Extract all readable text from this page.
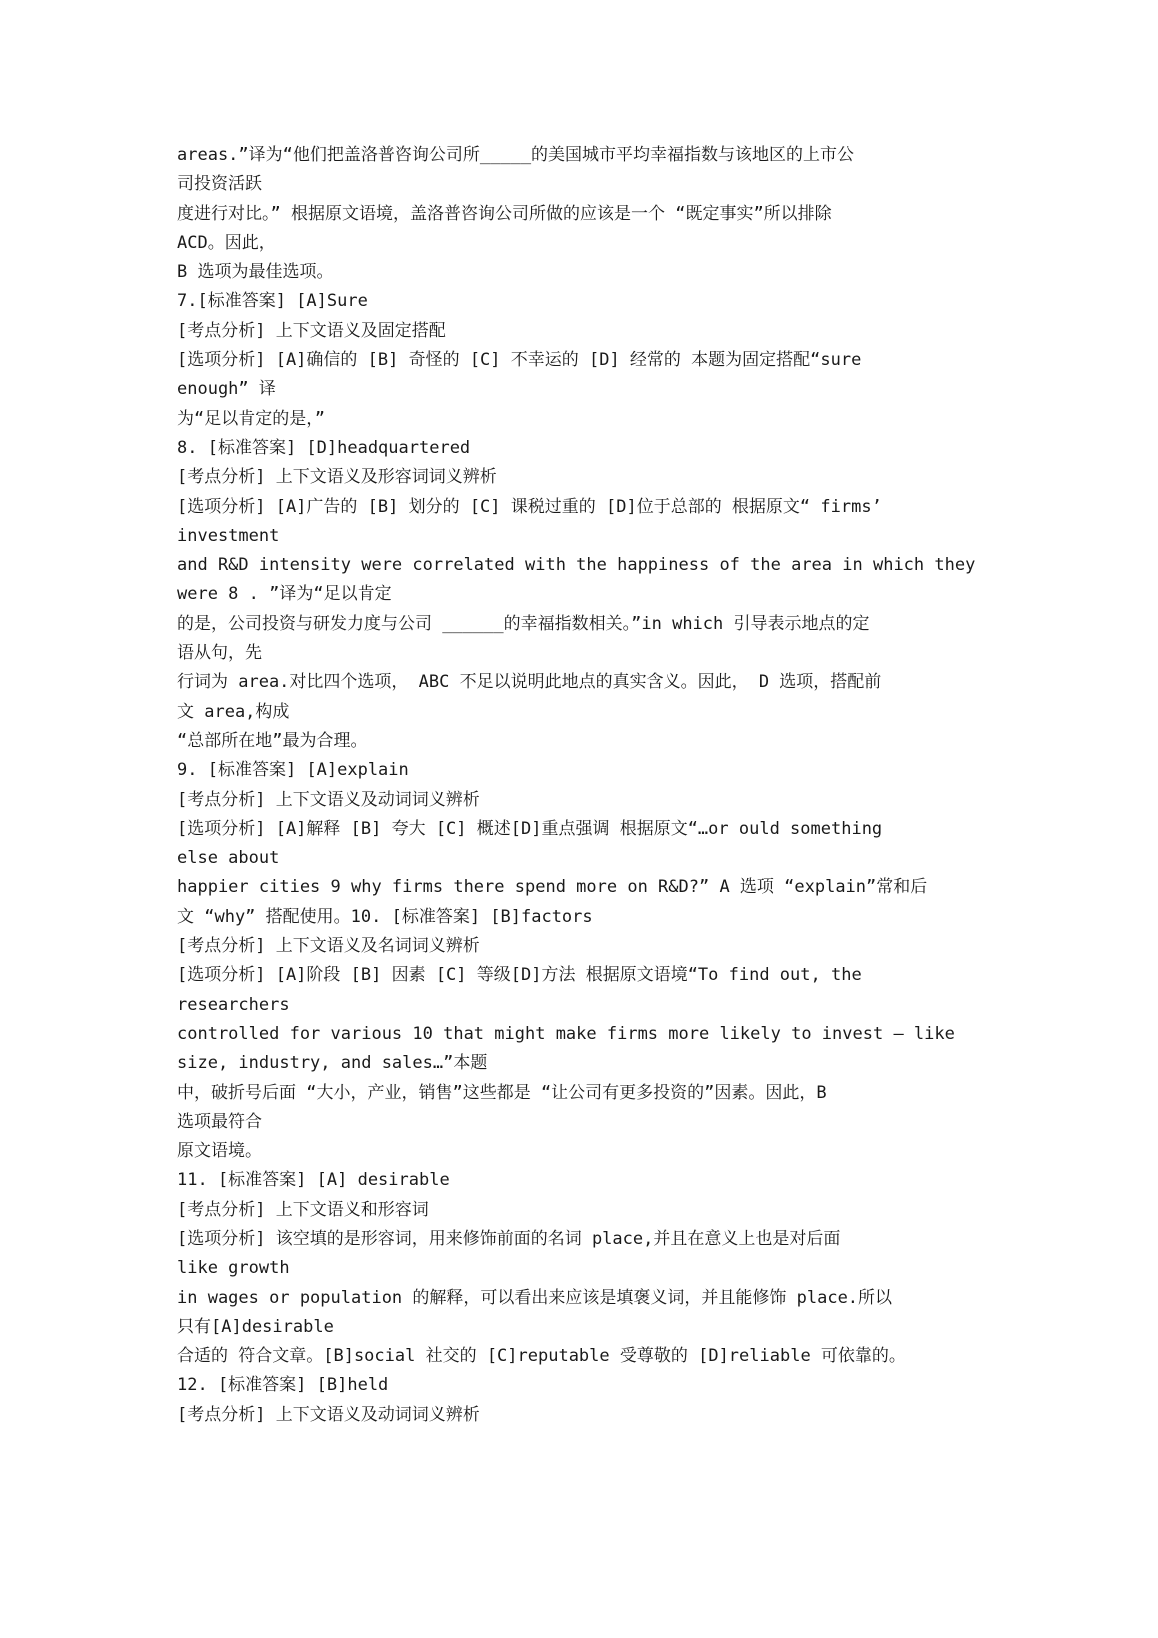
areas.”译为“他们把盖洛普咨询公司所_____的美国城市平均幸福指数与该地区的上市公
司投资活跃
度进行对比。” 根据原文语境，盖洛普咨询公司所做的应该是一个 “既定事实”所以排除
ACD。因此，
B 选项为最佳选项。
7.[标准答案] [A]Sure
[考点分析] 上下文语义及固定搭配
[选项分析] [A]确信的 [B] 奇怪的 [C] 不幸运的 [D] 经常的 本题为固定搭配“sure
enough” 译
为“足以肯定的是，”
8. [标准答案] [D]headquartered
[考点分析] 上下文语义及形容词词义辨析
[选项分析] [A]广告的 [B] 划分的 [C] 课税过重的 [D]位于总部的 根据原文“ firms’
investment
and R&D intensity were correlated with the happiness of the area in which they
were 8 . ”译为“足以肯定
的是，公司投资与研发力度与公司 ______的幸福指数相关。”in which 引导表示地点的定
语从句，先
行词为 area.对比四个选项， ABC 不足以说明此地点的真实含义。因此， D 选项，搭配前
文 area,构成
“总部所在地”最为合理。
9. [标准答案] [A]explain
[考点分析] 上下文语义及动词词义辨析
[选项分析] [A]解释 [B] 夸大 [C] 概述[D]重点强调 根据原文“…or ould something
else about
happier cities 9 why firms there spend more on R&D?” A 选项 “explain”常和后
文 “why” 搭配使用。10. [标准答案] [B]factors
[考点分析] 上下文语义及名词词义辨析
[选项分析] [A]阶段 [B] 因素 [C] 等级[D]方法 根据原文语境“To find out, the
researchers
controlled for various 10 that might make firms more likely to invest – like
size, industry, and sales…”本题
中，破折号后面 “大小，产业，销售”这些都是 “让公司有更多投资的”因素。因此，B
选项最符合
原文语境。
11. [标准答案] [A] desirable
[考点分析] 上下文语义和形容词
[选项分析] 该空填的是形容词，用来修饰前面的名词 place,并且在意义上也是对后面
like growth
in wages or population 的解释，可以看出来应该是填褒义词，并且能修饰 place.所以
只有[A]desirable
合适的 符合文章。[B]social 社交的 [C]reputable 受尊敬的 [D]reliable 可依靠的。
12. [标准答案] [B]held
[考点分析] 上下文语义及动词词义辨析
